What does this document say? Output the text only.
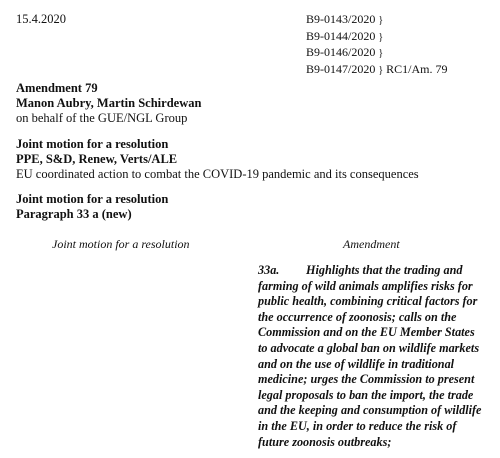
15.4.2020	B9-0143/2020 }
B9-0144/2020 }
B9-0146/2020 }
B9-0147/2020 } RC1/Am. 79
Amendment 79
Manon Aubry, Martin Schirdewan
on behalf of the GUE/NGL Group
Joint motion for a resolution
PPE, S&D, Renew, Verts/ALE
EU coordinated action to combat the COVID-19 pandemic and its consequences
Joint motion for a resolution
Paragraph 33 a (new)
Joint motion for a resolution	Amendment
33a. Highlights that the trading and farming of wild animals amplifies risks for public health, combining critical factors for the occurrence of zoonosis; calls on the Commission and on the EU Member States to advocate a global ban on wildlife markets and on the use of wildlife in traditional medicine; urges the Commission to present legal proposals to ban the import, the trade and the keeping and consumption of wildlife in the EU, in order to reduce the risk of future zoonosis outbreaks;
